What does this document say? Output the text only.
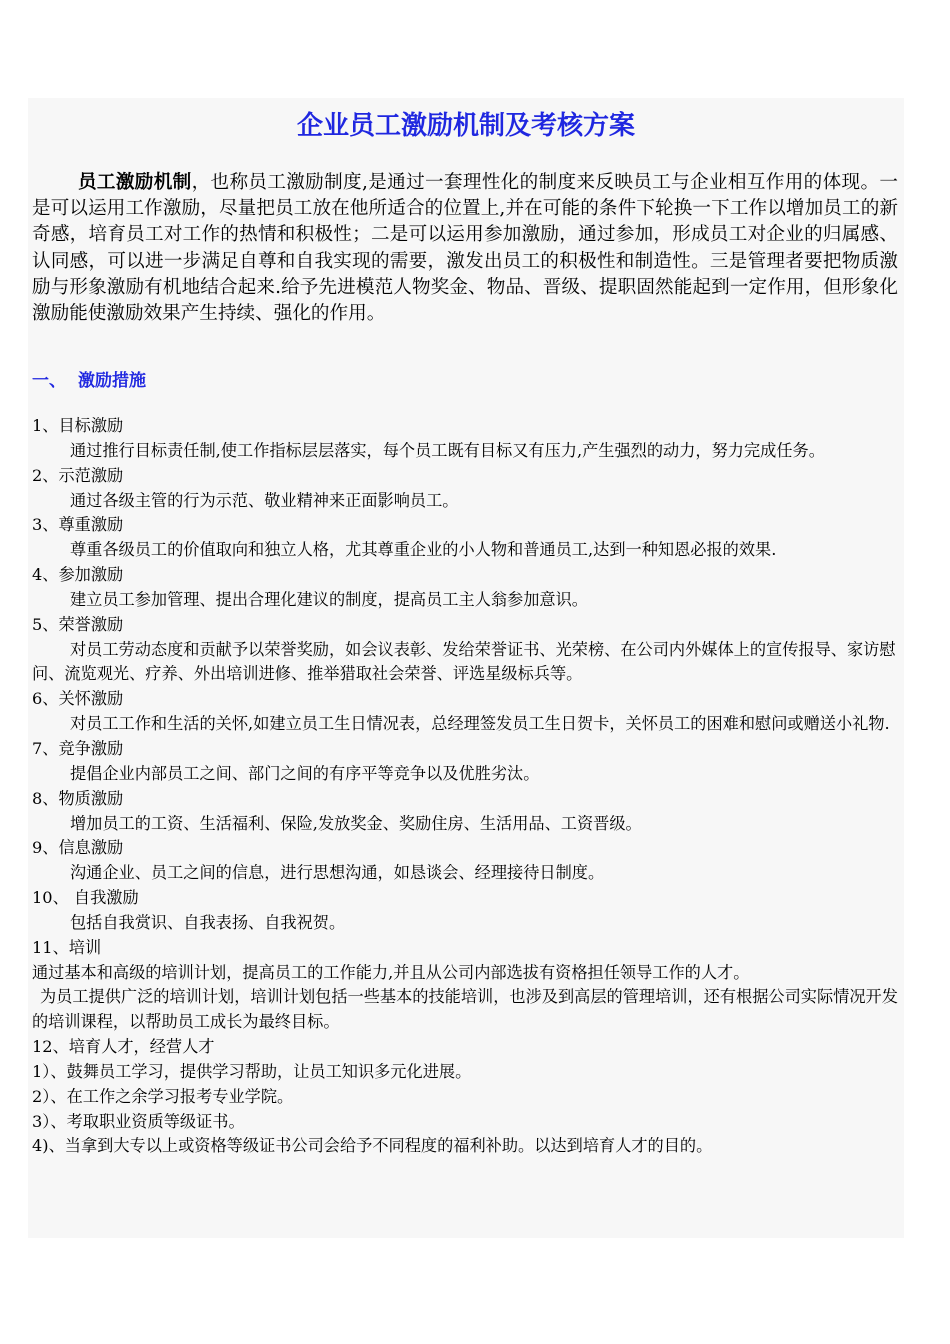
企业员工激励机制及考核方案
员工激励机制，也称员工激励制度,是通过一套理性化的制度来反映员工与企业相互作用的体现。一是可以运用工作激励，尽量把员工放在他所适合的位置上,并在可能的条件下轮换一下工作以增加员工的新奇感，培育员工对工作的热情和积极性；二是可以运用参加激励，通过参加，形成员工对企业的归属感、认同感，可以进一步满足自尊和自我实现的需要，激发出员工的积极性和制造性。三是管理者要把物质激励与形象激励有机地结合起来.给予先进模范人物奖金、物品、晋级、提职固然能起到一定作用，但形象化激励能使激励效果产生持续、强化的作用。
一、 激励措施
1、目标激励
通过推行目标责任制,使工作指标层层落实，每个员工既有目标又有压力,产生强烈的动力，努力完成任务。
2、示范激励
通过各级主管的行为示范、敬业精神来正面影响员工。
3、尊重激励
尊重各级员工的价值取向和独立人格，尤其尊重企业的小人物和普通员工,达到一种知恩必报的效果.
4、参加激励
建立员工参加管理、提出合理化建议的制度，提高员工主人翁参加意识。
5、荣誉激励
对员工劳动态度和贡献予以荣誉奖励，如会议表彰、发给荣誉证书、光荣榜、在公司内外媒体上的宣传报导、家访慰问、流览观光、疗养、外出培训进修、推举猎取社会荣誉、评选星级标兵等。
6、关怀激励
对员工工作和生活的关怀,如建立员工生日情况表，总经理签发员工生日贺卡，关怀员工的困难和慰问或赠送小礼物.
7、竞争激励
提倡企业内部员工之间、部门之间的有序平等竞争以及优胜劣汰。
8、物质激励
增加员工的工资、生活福利、保险,发放奖金、奖励住房、生活用品、工资晋级。
9、信息激励
沟通企业、员工之间的信息，进行思想沟通，如恳谈会、经理接待日制度。
10、 自我激励
包括自我赏识、自我表扬、自我祝贺。
11、培训
通过基本和高级的培训计划，提高员工的工作能力,并且从公司内部选拔有资格担任领导工作的人才。
为员工提供广泛的培训计划，培训计划包括一些基本的技能培训，也涉及到高层的管理培训，还有根据公司实际情况开发的培训课程，以帮助员工成长为最终目标。
12、培育人才，经营人才
1）、鼓舞员工学习，提供学习帮助，让员工知识多元化进展。
2）、在工作之余学习报考专业学院。
3）、考取职业资质等级证书。
4)、当拿到大专以上或资格等级证书公司会给予不同程度的福利补助。以达到培育人才的目的。
